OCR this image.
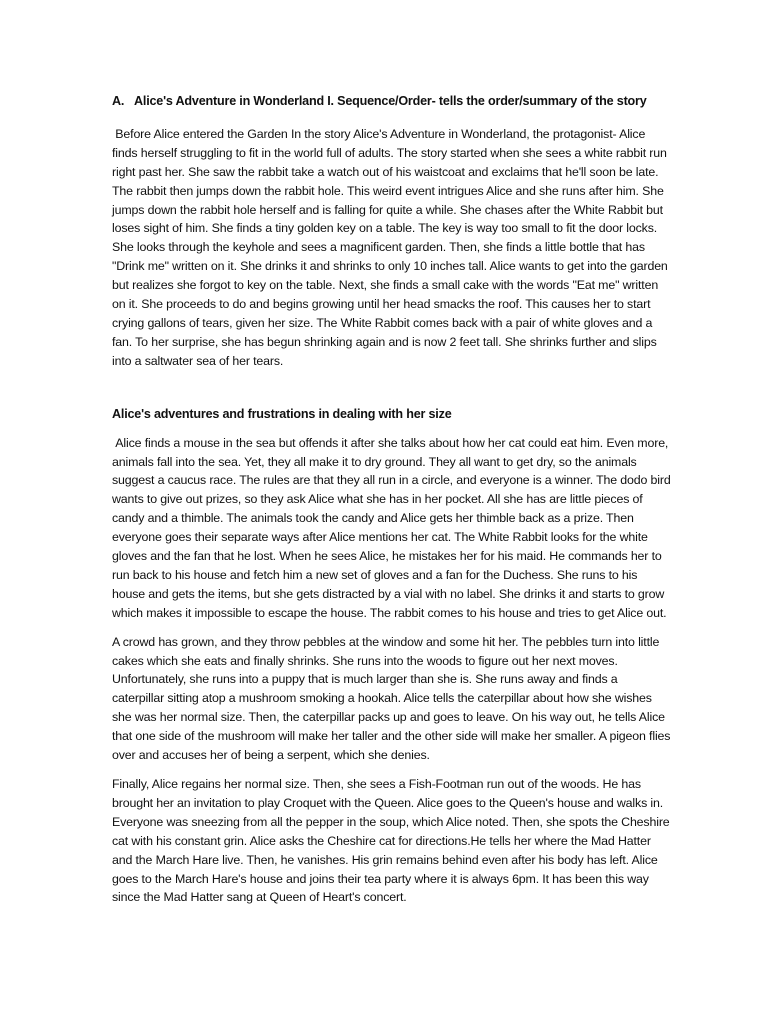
A. Alice's Adventure in Wonderland I. Sequence/Order- tells the order/summary of the story

Before Alice entered the Garden In the story Alice's Adventure in Wonderland, the protagonist- Alice finds herself struggling to fit in the world full of adults. The story started when she sees a white rabbit run right past her. She saw the rabbit take a watch out of his waistcoat and exclaims that he'll soon be late. The rabbit then jumps down the rabbit hole. This weird event intrigues Alice and she runs after him. She jumps down the rabbit hole herself and is falling for quite a while. She chases after the White Rabbit but loses sight of him. She finds a tiny golden key on a table. The key is way too small to fit the door locks. She looks through the keyhole and sees a magnificent garden. Then, she finds a little bottle that has "Drink me" written on it. She drinks it and shrinks to only 10 inches tall. Alice wants to get into the garden but realizes she forgot to key on the table. Next, she finds a small cake with the words "Eat me" written on it. She proceeds to do and begins growing until her head smacks the roof. This causes her to start crying gallons of tears, given her size. The White Rabbit comes back with a pair of white gloves and a fan. To her surprise, she has begun shrinking again and is now 2 feet tall. She shrinks further and slips into a saltwater sea of her tears.

Alice's adventures and frustrations in dealing with her size

Alice finds a mouse in the sea but offends it after she talks about how her cat could eat him. Even more, animals fall into the sea. Yet, they all make it to dry ground. They all want to get dry, so the animals suggest a caucus race. The rules are that they all run in a circle, and everyone is a winner. The dodo bird wants to give out prizes, so they ask Alice what she has in her pocket. All she has are little pieces of candy and a thimble. The animals took the candy and Alice gets her thimble back as a prize. Then everyone goes their separate ways after Alice mentions her cat. The White Rabbit looks for the white gloves and the fan that he lost. When he sees Alice, he mistakes her for his maid. He commands her to run back to his house and fetch him a new set of gloves and a fan for the Duchess. She runs to his house and gets the items, but she gets distracted by a vial with no label. She drinks it and starts to grow which makes it impossible to escape the house. The rabbit comes to his house and tries to get Alice out.

A crowd has grown, and they throw pebbles at the window and some hit her. The pebbles turn into little cakes which she eats and finally shrinks. She runs into the woods to figure out her next moves. Unfortunately, she runs into a puppy that is much larger than she is. She runs away and finds a caterpillar sitting atop a mushroom smoking a hookah. Alice tells the caterpillar about how she wishes she was her normal size. Then, the caterpillar packs up and goes to leave. On his way out, he tells Alice that one side of the mushroom will make her taller and the other side will make her smaller. A pigeon flies over and accuses her of being a serpent, which she denies.

Finally, Alice regains her normal size. Then, she sees a Fish-Footman run out of the woods. He has brought her an invitation to play Croquet with the Queen. Alice goes to the Queen's house and walks in. Everyone was sneezing from all the pepper in the soup, which Alice noted. Then, she spots the Cheshire cat with his constant grin. Alice asks the Cheshire cat for directions.He tells her where the Mad Hatter and the March Hare live. Then, he vanishes. His grin remains behind even after his body has left. Alice goes to the March Hare's house and joins their tea party where it is always 6pm. It has been this way since the Mad Hatter sang at Queen of Heart's concert.
